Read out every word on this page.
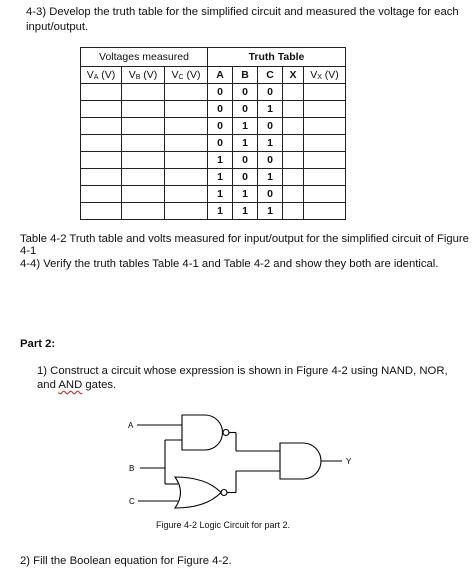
4-3) Develop the truth table for the simplified circuit and measured the voltage for each input/output.
Voltages measured			Truth Table				
VA (V)	VB (V)	VC (V)	A	B	C	X	VX (V)
			0	0	0		
			0	0	1		
			0	1	0		
			0	1	1		
			1	0	0		
			1	0	1		
			1	1	0		
			1	1	1		
Table 4-2 Truth table and volts measured for input/output for the simplified circuit of Figure 4-1
4-4) Verify the truth tables Table 4-1 and Table 4-2 and show they both are identical.
Part 2:
1) Construct a circuit whose expression is shown in Figure 4-2 using NAND, NOR, and AND gates.
A
B
C
Y
Figure 4-2 Logic Circuit for part 2.
2) Fill the Boolean equation for Figure 4-2.
